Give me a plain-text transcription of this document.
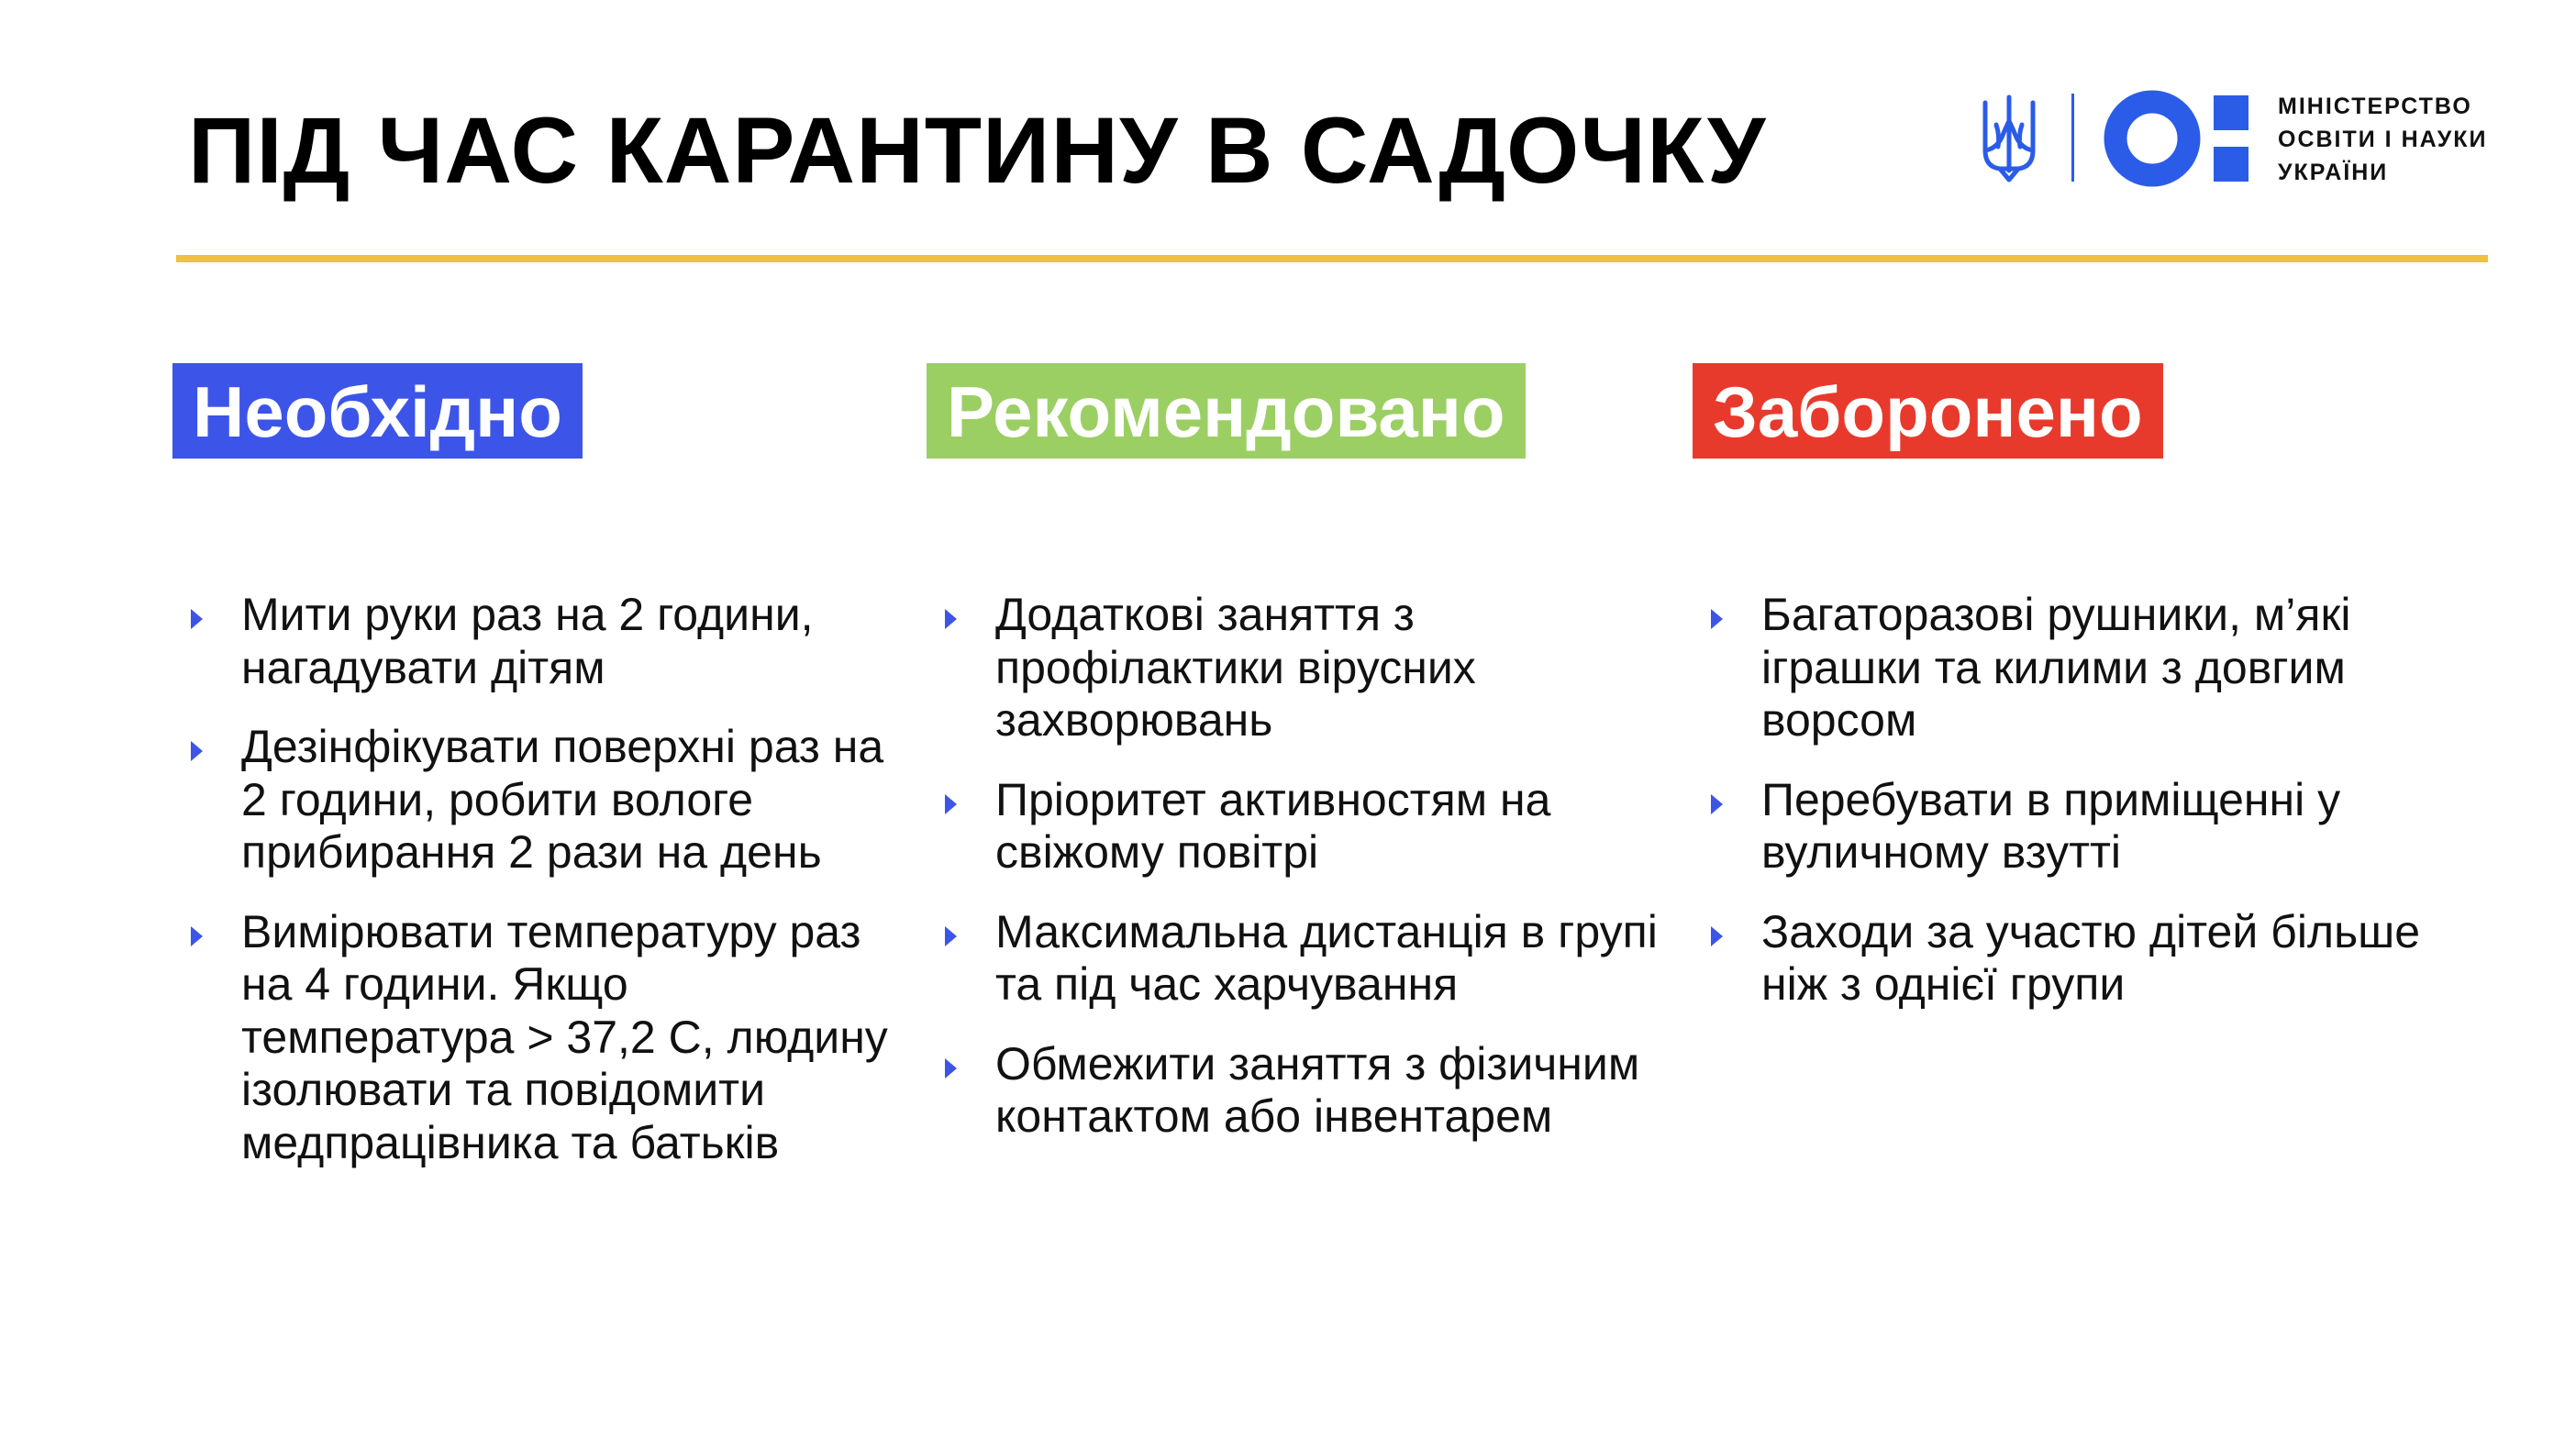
ПІД ЧАС КАРАНТИНУ В САДОЧКУ	МІНІСТЕРСТВО
ОСВІТИ І НАУКИ
УКРАЇНИ
Необхідно
Мити руки раз на 2 години, нагадувати дітям
Дезінфікувати поверхні раз на 2 години, робити вологе прибирання 2 рази на день
Вимірювати температуру раз на 4 години. Якщо температура > 37,2 С, людину ізолювати та повідомити медпрацівника та батьків
Рекомендовано
Додаткові заняття з профілактики вірусних захворювань
Пріоритет активностям на свіжому повітрі
Максимальна дистанція в групі та під час харчування
Обмежити заняття з фізичним контактом або інвентарем
Заборонено
Багаторазові рушники, м’які іграшки та килими з довгим ворсом
Перебувати в приміщенні у вуличному взутті
Заходи за участю дітей більше ніж з однієї групи
